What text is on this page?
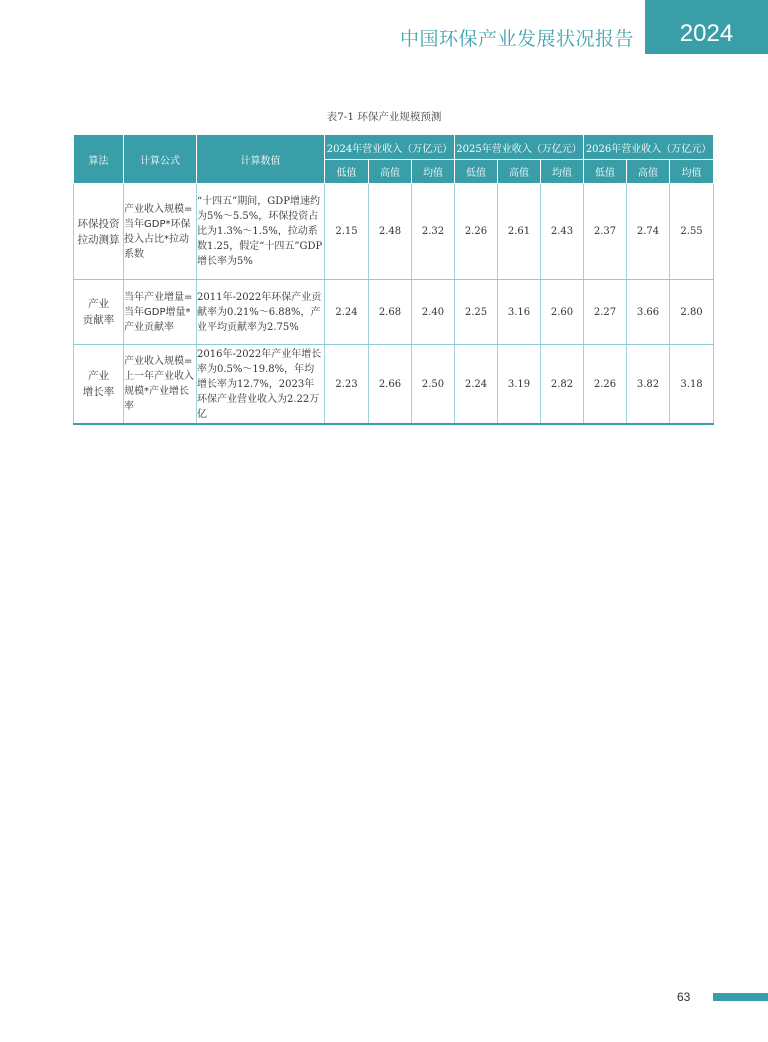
中国环保产业发展状况报告	2024
表7-1 环保产业规模预测
算法	计算公式	计算数值	2024年营业收入（万亿元）			2025年营业收入（万亿元）			2026年营业收入（万亿元）		
			低值	高值	均值	低值	高值	均值	低值	高值	均值
环保投资
拉动测算	产业收入规模=当年GDP*环保投入占比*拉动系数	“十四五”期间，GDP增速约为5%～5.5%，环保投资占比为1.3%～1.5%，拉动系数1.25，假定“十四五”GDP增长率为5%	2.15	2.48	2.32	2.26	2.61	2.43	2.37	2.74	2.55
产业
贡献率	当年产业增量=当年GDP增量*产业贡献率	2011年-2022年环保产业贡献率为0.21%～6.88%，产业平均贡献率为2.75%	2.24	2.68	2.40	2.25	3.16	2.60	2.27	3.66	2.80
产业
增长率	产业收入规模=上一年产业收入规模*产业增长率	2016年-2022年产业年增长率为0.5%～19.8%，年均增长率为12.7%，2023年环保产业营业收入为2.22万亿	2.23	2.66	2.50	2.24	3.19	2.82	2.26	3.82	3.18
63
